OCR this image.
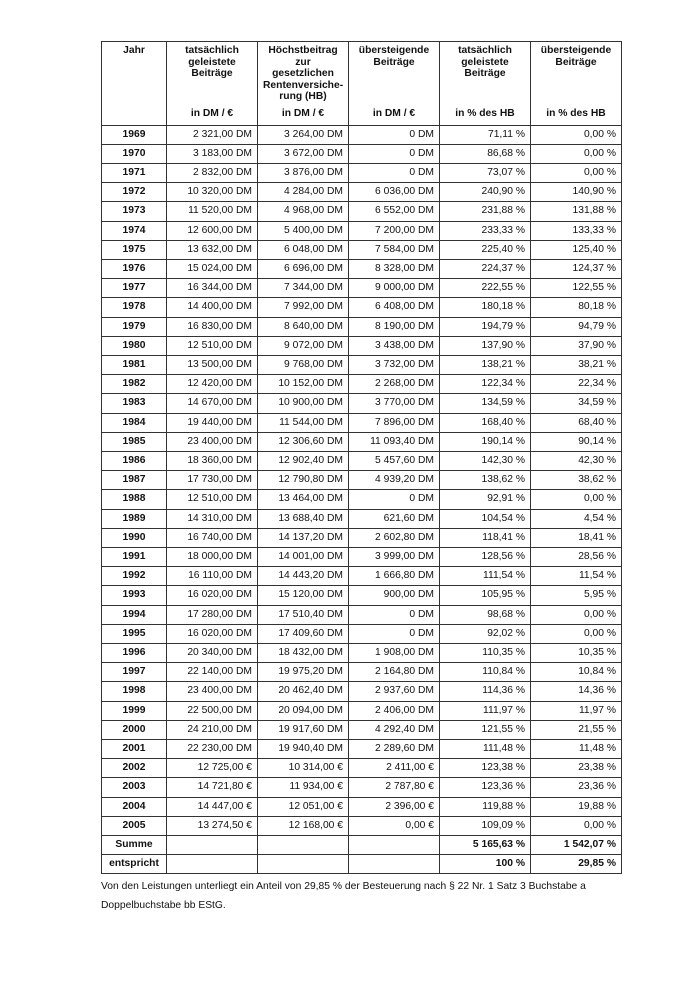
Jahr	tatsächlich geleistete Beiträge	Höchstbeitrag zur gesetzlichen Rentenversiche-rung (HB)	übersteigende Beiträge	tatsächlich geleistete Beiträge	übersteigende Beiträge
	in DM / €	in DM / €	in DM / €	in % des HB	in % des HB
1969	2 321,00 DM	3 264,00 DM	0 DM	71,11 %	0,00 %
1970	3 183,00 DM	3 672,00 DM	0 DM	86,68 %	0,00 %
1971	2 832,00 DM	3 876,00 DM	0 DM	73,07 %	0,00 %
1972	10 320,00 DM	4 284,00 DM	6 036,00 DM	240,90 %	140,90 %
1973	11 520,00 DM	4 968,00 DM	6 552,00 DM	231,88 %	131,88 %
1974	12 600,00 DM	5 400,00 DM	7 200,00 DM	233,33 %	133,33 %
1975	13 632,00 DM	6 048,00 DM	7 584,00 DM	225,40 %	125,40 %
1976	15 024,00 DM	6 696,00 DM	8 328,00 DM	224,37 %	124,37 %
1977	16 344,00 DM	7 344,00 DM	9 000,00 DM	222,55 %	122,55 %
1978	14 400,00 DM	7 992,00 DM	6 408,00 DM	180,18 %	80,18 %
1979	16 830,00 DM	8 640,00 DM	8 190,00 DM	194,79 %	94,79 %
1980	12 510,00 DM	9 072,00 DM	3 438,00 DM	137,90 %	37,90 %
1981	13 500,00 DM	9 768,00 DM	3 732,00 DM	138,21 %	38,21 %
1982	12 420,00 DM	10 152,00 DM	2 268,00 DM	122,34 %	22,34 %
1983	14 670,00 DM	10 900,00 DM	3 770,00 DM	134,59 %	34,59 %
1984	19 440,00 DM	11 544,00 DM	7 896,00 DM	168,40 %	68,40 %
1985	23 400,00 DM	12 306,60 DM	11 093,40 DM	190,14 %	90,14 %
1986	18 360,00 DM	12 902,40 DM	5 457,60 DM	142,30 %	42,30 %
1987	17 730,00 DM	12 790,80 DM	4 939,20 DM	138,62 %	38,62 %
1988	12 510,00 DM	13 464,00 DM	0 DM	92,91 %	0,00 %
1989	14 310,00 DM	13 688,40 DM	621,60 DM	104,54 %	4,54 %
1990	16 740,00 DM	14 137,20 DM	2 602,80 DM	118,41 %	18,41 %
1991	18 000,00 DM	14 001,00 DM	3 999,00 DM	128,56 %	28,56 %
1992	16 110,00 DM	14 443,20 DM	1 666,80 DM	111,54 %	11,54 %
1993	16 020,00 DM	15 120,00 DM	900,00 DM	105,95 %	5,95 %
1994	17 280,00 DM	17 510,40 DM	0 DM	98,68 %	0,00 %
1995	16 020,00 DM	17 409,60 DM	0 DM	92,02 %	0,00 %
1996	20 340,00 DM	18 432,00 DM	1 908,00 DM	110,35 %	10,35 %
1997	22 140,00 DM	19 975,20 DM	2 164,80 DM	110,84 %	10,84 %
1998	23 400,00 DM	20 462,40 DM	2 937,60 DM	114,36 %	14,36 %
1999	22 500,00 DM	20 094,00 DM	2 406,00 DM	111,97 %	11,97 %
2000	24 210,00 DM	19 917,60 DM	4 292,40 DM	121,55 %	21,55 %
2001	22 230,00 DM	19 940,40 DM	2 289,60 DM	111,48 %	11,48 %
2002	12 725,00 €	10 314,00 €	2 411,00 €	123,38 %	23,38 %
2003	14 721,80 €	11 934,00 €	2 787,80 €	123,36 %	23,36 %
2004	14 447,00 €	12 051,00 €	2 396,00 €	119,88 %	19,88 %
2005	13 274,50 €	12 168,00 €	0,00 €	109,09 %	0,00 %
Summe				5 165,63 %	1 542,07 %
entspricht				100 %	29,85 %
Von den Leistungen unterliegt ein Anteil von 29,85 % der Besteuerung nach § 22 Nr. 1 Satz 3 Buchstabe a Doppelbuchstabe bb EStG.
